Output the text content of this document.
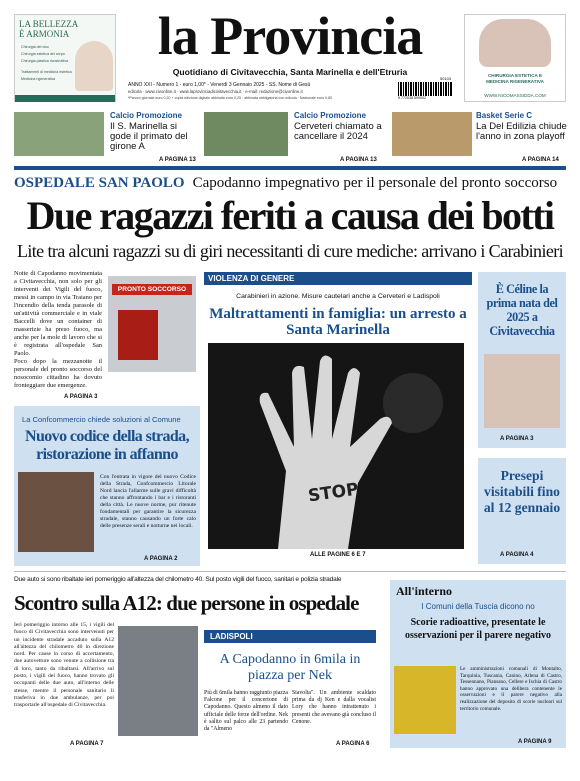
LA BELLEZZA
È ARMONIA
Chirurgia del viso
Chirurgia estetica del corpo
Chirurgia plastica ricostruttiva
Trattamenti di medicina estetica
Medicina rigenerativa
la Provincia
Quotidiano di Civitavecchia, Santa Marinella e dell'Etruria
ANNO XXI - Numero 1 - euro 1,00* - Venerdì 3 Gennaio 2025 - SS. Nome di Gesù
edicola · www.civonline.it · www.laprovinciadicivitavecchia.it · e-mail: redazione@civonline.it
*Prezzo giornale euro 0,20 + copia edizione digitale abbinata euro 0,25 · abbinata obbligatoria con edicola · Nazionale euro 0,80	9 772038 599002
50103
CHIRURGIA ESTETICA E
MEDICINA RIGENERATIVA
WWW.NICOMASSIDDA.COM
Calcio Promozione
Il S. Marinella si gode il primato del girone A
A PAGINA 13
Calcio Promozione
Cerveteri chiamato a cancellare il 2024
A PAGINA 13
Basket Serie C
La Del Edilizia chiude l'anno in zona playoff
A PAGINA 14
OSPEDALE SAN PAOLO Capodanno impegnativo per il personale del pronto soccorso
Due ragazzi feriti a causa dei botti
Lite tra alcuni ragazzi su di giri necessitanti di cure mediche: arrivano i Carabinieri

Notte di Capodanno movimentata a Civitavecchia, non solo per gli interventi dei Vigili del fuoco, messi in campo in via Traiano per l'incendio della tenda parasole di un'attività commerciale e in viale Baccelli dove un container di masserizie ha preso fuoco, ma anche per la mole di lavoro che si è registrata all'ospedale San Paolo.

Poco dopo la mezzanotte il personale del pronto soccorso del nosocomio cittadino ha dovuto fronteggiare due emergenze.

PRONTO SOCCORSO
A PAGINA 3
La Confcommercio chiede soluzioni al Comune
Nuovo codice della strada, ristorazione in affanno

Con l'entrata in vigore del nuovo Codice della Strada, Confcommercio Litorale Nord lancia l'allarme sulle gravi difficoltà che stanno affrontando i bar e i ristoranti della città. Le nuove norme, pur ritenute fondamentali per garantire la sicurezza stradale, stanno causando un forte calo delle presenze serali e notturne nei locali.

A PAGINA 2
VIOLENZA DI GENERE
Carabinieri in azione. Misure cautelari anche a Cerveteri e Ladispoli
Maltrattamenti in famiglia: un arresto a Santa Marinella
STOP
ALLE PAGINE 6 E 7
È Céline la prima nata del 2025 a Civitavecchia
A PAGINA 3
Presepi visitabili fino al 12 gennaio
A PAGINA 4
Due auto si sono ribaltate ieri pomeriggio all'altezza del chilometro 40. Sul posto vigili del fuoco, sanitari e polizia stradale
Scontro sulla A12: due persone in ospedale

Ieri pomeriggio intorno alle 15, i vigili del fuoco di Civitavecchia sono intervenuti per un incidente stradale accaduto sulla A12 all'altezza del chilometro 40 in direzione nord. Per cause in corso di accertamento, due autovetture sono venute a collisione tra di loro, tanto da ribaltarsi. All'arrivo sul posto, i vigili del fuoco, hanno trovato gli occupanti delle due auto, all'interno delle stesse, mentre il personale sanitario li trasferiva in due ambulanze, per poi trasportarle all'ospedale di Civitavecchia.

A PAGINA 7
LADISPOLI
A Capodanno in 6mila in piazza per Nek

Più di 6mila hanno raggiunto piazza Falcone per il concertone di Capodanno. Questo almeno il dato ufficiale delle forze dell'ordine. Nek è salito sul palco alle 23 partendo da "Almeno

Stavolta". Un ambiente scaldato prima da dj Ken e dalla vocalist Lory che hanno intrattenuto i presenti che avevano già concluso il Cenone.

A PAGINA 6
All'interno
I Comuni della Tuscia dicono no
Scorie radioattive, presentate le osservazioni per il parere negativo

Le amministrazioni comunali di Montalto, Tarquinia, Tuscania, Canino, Arlena di Castro, Tessennano, Piansano, Cellere e Ischia di Castro hanno approvato una delibera contenente le osservazioni e il parere negativo alla realizzazione del deposito di scorie nucleari sul territorio comunale.

A PAGINA 9
